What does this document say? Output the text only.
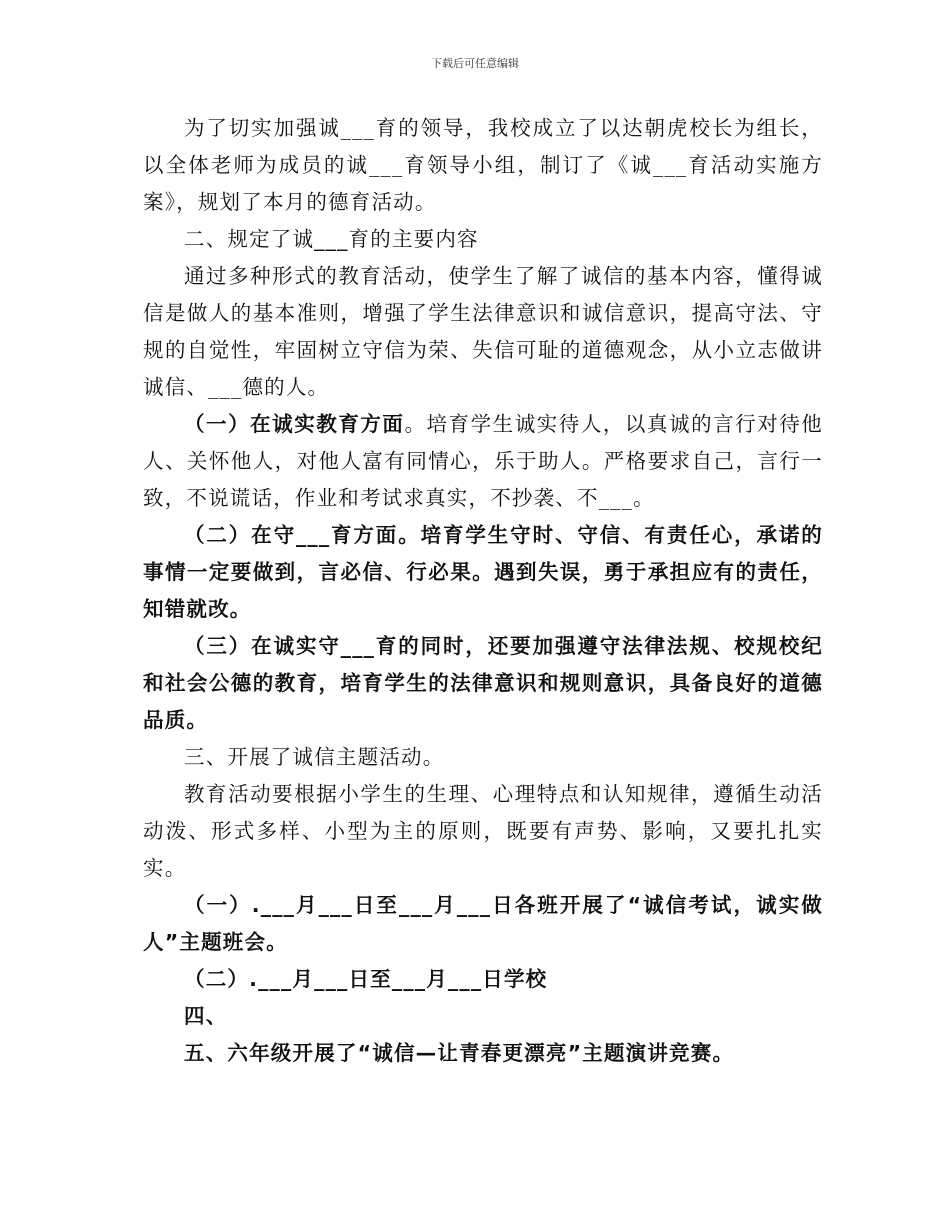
下载后可任意编辑

为了切实加强诚___育的领导，我校成立了以达朝虎校长为组长，以全体老师为成员的诚___育领导小组，制订了《诚___育活动实施方案》，规划了本月的德育活动。

二、规定了诚___育的主要内容

通过多种形式的教育活动，使学生了解了诚信的基本内容，懂得诚信是做人的基本准则，增强了学生法律意识和诚信意识，提高守法、守规的自觉性，牢固树立守信为荣、失信可耻的道德观念，从小立志做讲诚信、___德的人。

（一）在诚实教育方面。培育学生诚实待人，以真诚的言行对待他人、关怀他人，对他人富有同情心，乐于助人。严格要求自己，言行一致，不说谎话，作业和考试求真实，不抄袭、不___。

（二）在守___育方面。培育学生守时、守信、有责任心，承诺的事情一定要做到，言必信、行必果。遇到失误，勇于承担应有的责任，知错就改。

（三）在诚实守___育的同时，还要加强遵守法律法规、校规校纪和社会公德的教育，培育学生的法律意识和规则意识，具备良好的道德品质。

三、开展了诚信主题活动。

教育活动要根据小学生的生理、心理特点和认知规律，遵循生动活动泼、形式多样、小型为主的原则，既要有声势、影响，又要扎扎实实。

（一）.___月___日至___月___日各班开展了“诚信考试，诚实做人”主题班会。

（二）.___月___日至___月___日学校

四、

五、六年级开展了“诚信—让青春更漂亮”主题演讲竞赛。
